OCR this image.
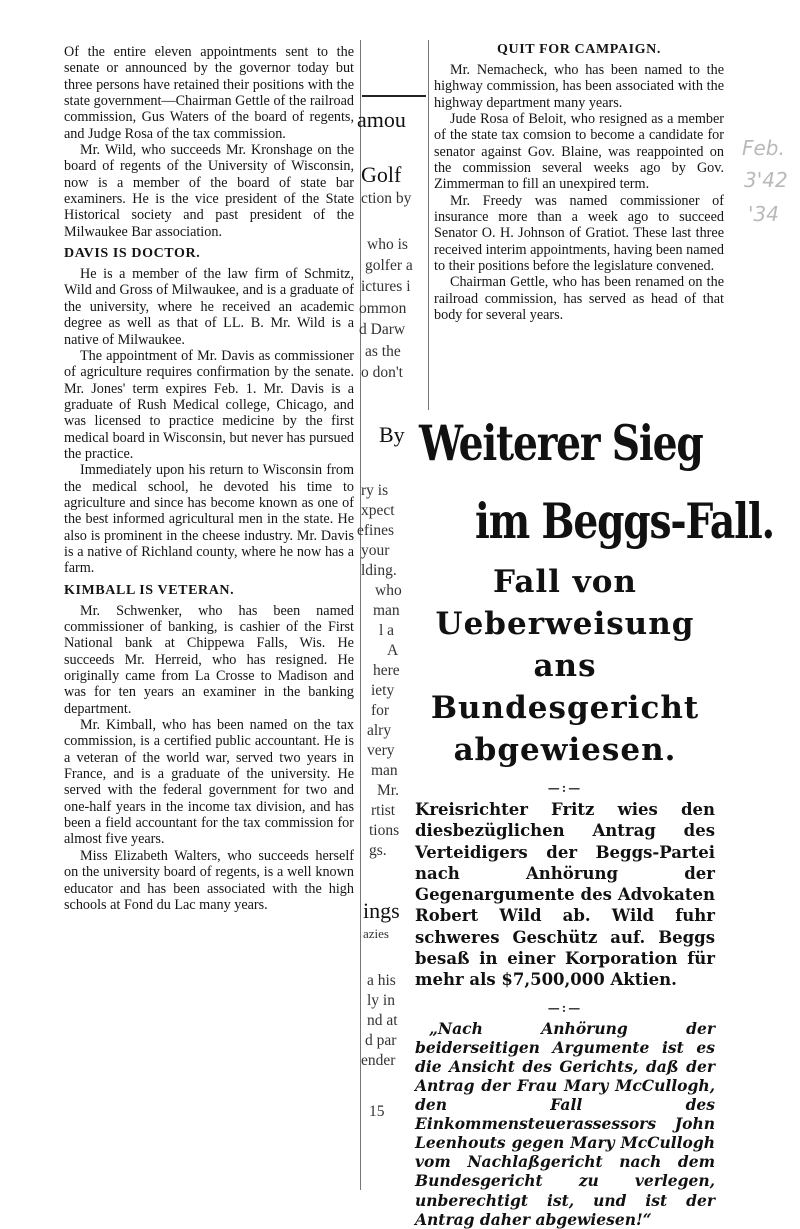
Of the entire eleven appointments sent to the senate or announced by the governor today but three persons have retained their positions with the state government—Chairman Gettle of the railroad commission, Gus Waters of the board of regents, and Judge Rosa of the tax commission.

Mr. Wild, who succeeds Mr. Kronshage on the board of regents of the University of Wisconsin, now is a member of the board of state bar examiners. He is the vice president of the State Historical society and past president of the Milwaukee Bar association.

DAVIS IS DOCTOR.

He is a member of the law firm of Schmitz, Wild and Gross of Milwaukee, and is a graduate of the university, where he received an academic degree as well as that of LL. B. Mr. Wild is a native of Milwaukee.

The appointment of Mr. Davis as commissioner of agriculture requires confirmation by the senate. Mr. Jones' term expires Feb. 1. Mr. Davis is a graduate of Rush Medical college, Chicago, and was licensed to practice medicine by the first medical board in Wisconsin, but never has pursued the practice.

Immediately upon his return to Wisconsin from the medical school, he devoted his time to agriculture and since has become known as one of the best informed agricultural men in the state. He also is prominent in the cheese industry. Mr. Davis is a native of Richland county, where he now has a farm.

KIMBALL IS VETERAN.

Mr. Schwenker, who has been named commissioner of banking, is cashier of the First National bank at Chippewa Falls, Wis. He succeeds Mr. Herreid, who has resigned. He originally came from La Crosse to Madison and was for ten years an examiner in the banking department.

Mr. Kimball, who has been named on the tax commission, is a certified public accountant. He is a veteran of the world war, served two years in France, and is a graduate of the university. He served with the federal government for two and one-half years in the income tax division, and has been a field accountant for the tax commission for almost five years.

Miss Elizabeth Walters, who succeeds herself on the university board of regents, is a well known educator and has been associated with the high schools at Fond du Lac many years.

amou
Golf
ction by
who is
golfer a
ictures i
ommon
d Darw
as the
o don't
By
ry is
xpect
efines
your
lding.
who
man
l a
A
here
iety
for
alry
very
man
Mr.
rtist
tions
gs.
ings
azies
a his
ly in
nd at
d par
ender
15
QUIT FOR CAMPAIGN.

Mr. Nemacheck, who has been named to the highway commission, has been associated with the highway department many years.

Jude Rosa of Beloit, who resigned as a member of the state tax comsion to become a candidate for senator against Gov. Blaine, was reappointed on the commission several weeks ago by Gov. Zimmerman to fill an unexpired term.

Mr. Freedy was named commissioner of insurance more than a week ago to succeed Senator O. H. Johnson of Gratiot. These last three received interim appointments, having been named to their positions before the legislature convened.

Chairman Gettle, who has been renamed on the railroad commission, has served as head of that body for several years.

Weiterer Sieg
im Beggs-Fall.
Fall von Ueberweisung ans Bundesgericht abgewiesen.
—:—
Kreisrichter Fritz wies den diesbezüglichen Antrag des Verteidigers der Beggs-Partei nach Anhörung der Gegenargumente des Advokaten Robert Wild ab. Wild fuhr schweres Geschütz auf. Beggs besaß in einer Korporation für mehr als $7,500,000 Aktien.
—:—
„Nach Anhörung der beiderseitigen Argumente ist es die Ansicht des Gerichts, daß der Antrag der Frau Mary McCullogh, den Fall des Einkommensteuerassessors John Leenhouts gegen Mary McCullogh vom Nachlaßgericht nach dem Bundesgericht zu verlegen, unberechtigt ist, und ist der Antrag daher abgewiesen!“
Feb.
3'42
'34
